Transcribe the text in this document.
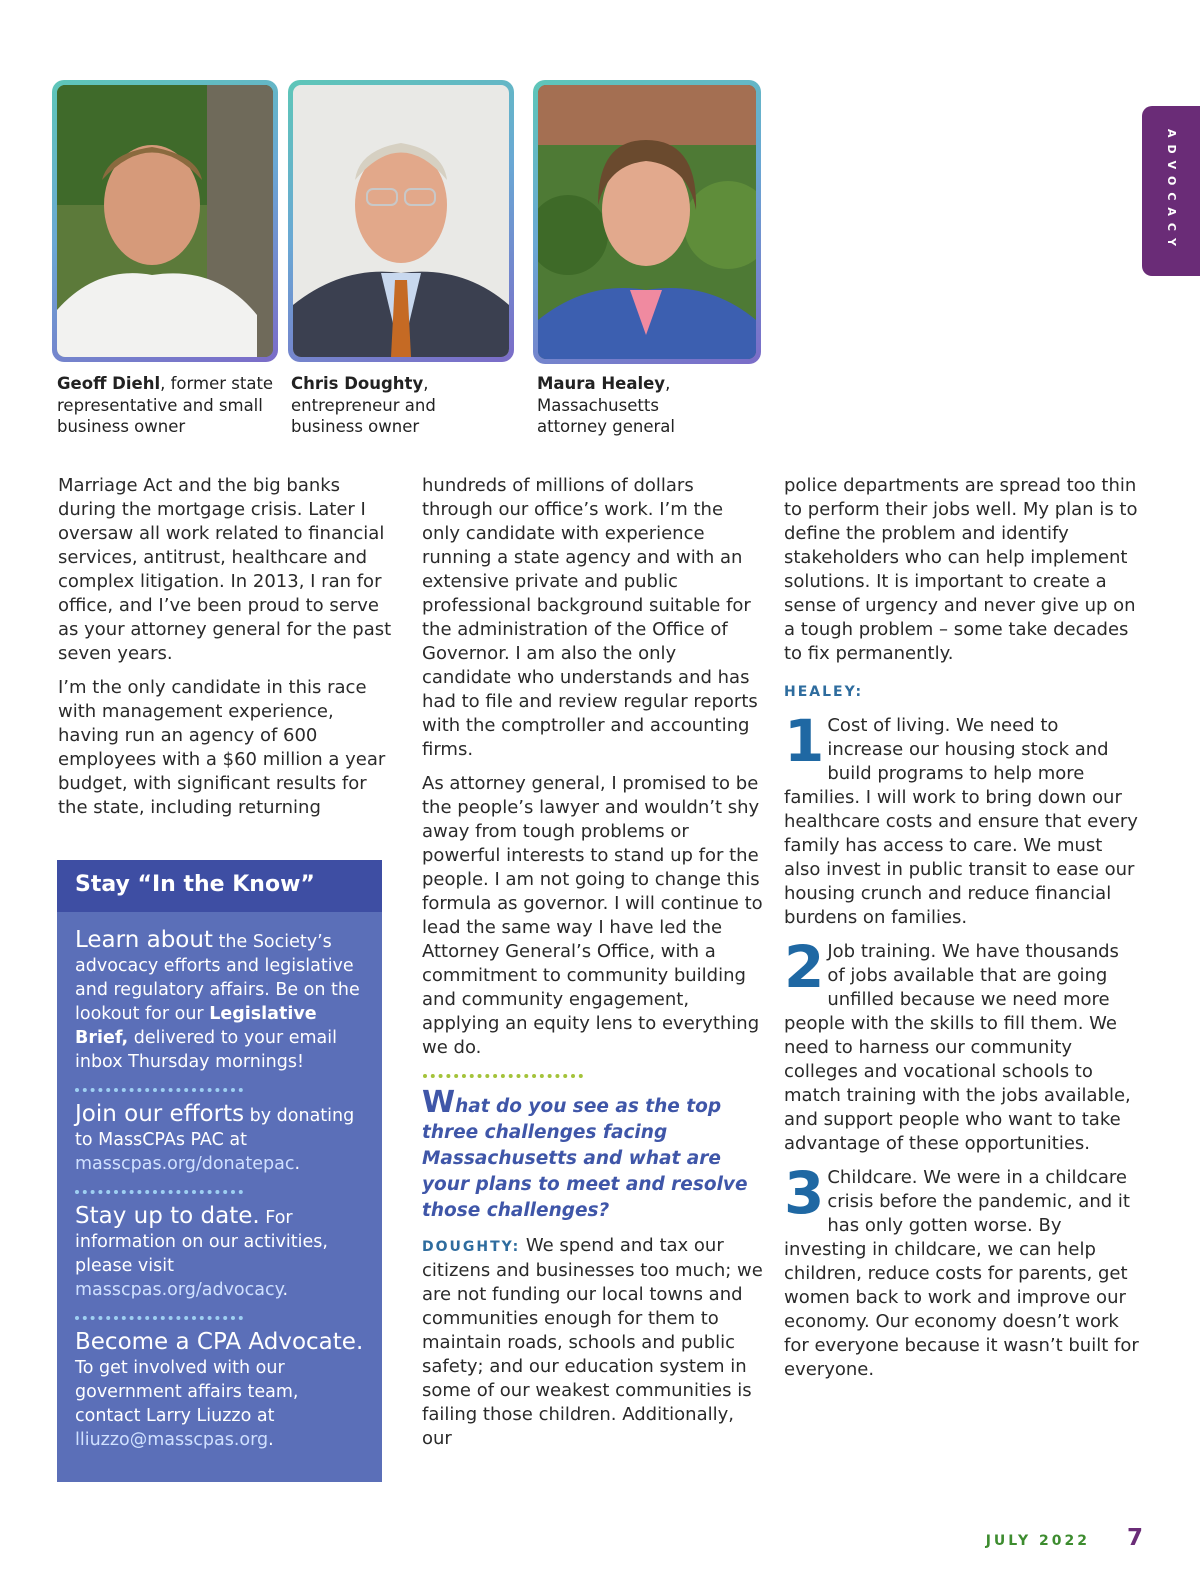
ADVOCACY
Geoff Diehl, former state
representative and small
business owner
Chris Doughty,
entrepreneur and
business owner
Maura Healey,
Massachusetts
attorney general

Marriage Act and the big banks during the mortgage crisis. Later I oversaw all work related to financial services, antitrust, healthcare and complex litigation. In 2013, I ran for office, and I’ve been proud to serve as your attorney general for the past seven years.

I’m the only candidate in this race with management experience, having run an agency of 600 employees with a $60 million a year budget, with significant results for the state, including returning

Stay “In the Know”
Learn about the Society’s advocacy efforts and legislative and regulatory affairs. Be on the lookout for our Legislative Brief, delivered to your email inbox Thursday mornings!
Join our efforts by donating to MassCPAs PAC at masscpas.org/donatepac.
Stay up to date. For information on our activities, please visit masscpas.org/advocacy.
Become a CPA Advocate. To get involved with our government affairs team, contact Larry Liuzzo at lliuzzo@masscpas.org.

hundreds of millions of dollars through our office’s work. I’m the only candidate with experience running a state agency and with an extensive private and public professional background suitable for the administration of the Office of Governor. I am also the only candidate who understands and has had to file and review regular reports with the comptroller and accounting firms.

As attorney general, I promised to be the people’s lawyer and wouldn’t shy away from tough problems or powerful interests to stand up for the people. I am not going to change this formula as governor. I will continue to lead the same way I have led the Attorney General’s Office, with a commitment to community building and community engagement, applying an equity lens to everything we do.

What do you see as the top three challenges facing Massachusetts and what are your plans to meet and resolve those challenges?
DOUGHTY: We spend and tax our citizens and businesses too much; we are not funding our local towns and communities enough for them to maintain roads, schools and public safety; and our education system in some of our weakest communities is failing those children. Additionally, our

police departments are spread too thin to perform their jobs well. My plan is to define the problem and identify stakeholders who can help implement solutions. It is important to create a sense of urgency and never give up on a tough problem – some take decades to fix permanently.

HEALEY:
1 Cost of living. We need to increase our housing stock and build programs to help more families. I will work to bring down our healthcare costs and ensure that every family has access to care. We must also invest in public transit to ease our housing crunch and reduce financial burdens on families.
2 Job training. We have thousands of jobs available that are going unfilled because we need more people with the skills to fill them. We need to harness our community colleges and vocational schools to match training with the jobs available, and support people who want to take advantage of these opportunities.
3 Childcare. We were in a childcare crisis before the pandemic, and it has only gotten worse. By investing in childcare, we can help children, reduce costs for parents, get women back to work and improve our economy. Our economy doesn’t work for everyone because it wasn’t built for everyone.
JULY 2022 7
